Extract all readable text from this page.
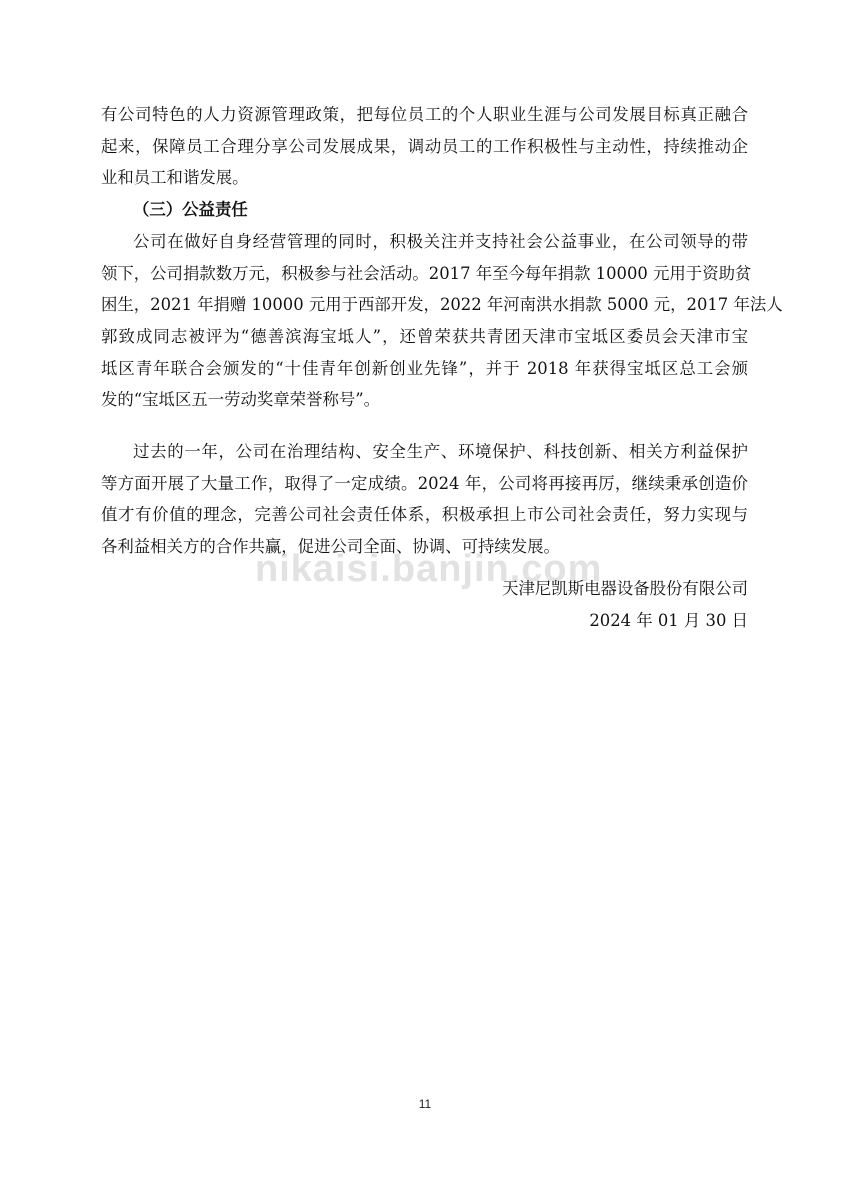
有公司特色的人力资源管理政策，把每位员工的个人职业生涯与公司发展目标真正融合
起来，保障员工合理分享公司发展成果，调动员工的工作积极性与主动性，持续推动企
业和员工和谐发展。
（三）公益责任
公司在做好自身经营管理的同时，积极关注并支持社会公益事业，在公司领导的带
领下，公司捐款数万元，积极参与社会活动。2017 年至今每年捐款 10000 元用于资助贫
困生，2021 年捐赠 10000 元用于西部开发，2022 年河南洪水捐款 5000 元，2017 年法人
郭致成同志被评为“德善滨海宝坻人”，还曾荣获共青团天津市宝坻区委员会天津市宝
坻区青年联合会颁发的“十佳青年创新创业先锋”，并于 2018 年获得宝坻区总工会颁
发的“宝坻区五一劳动奖章荣誉称号”。
过去的一年，公司在治理结构、安全生产、环境保护、科技创新、相关方利益保护
等方面开展了大量工作，取得了一定成绩。2024 年，公司将再接再厉，继续秉承创造价
值才有价值的理念，完善公司社会责任体系，积极承担上市公司社会责任，努力实现与
各利益相关方的合作共赢，促进公司全面、协调、可持续发展。
nikaisi.banjin.com
天津尼凯斯电器设备股份有限公司
2024 年 01 月 30 日
11
